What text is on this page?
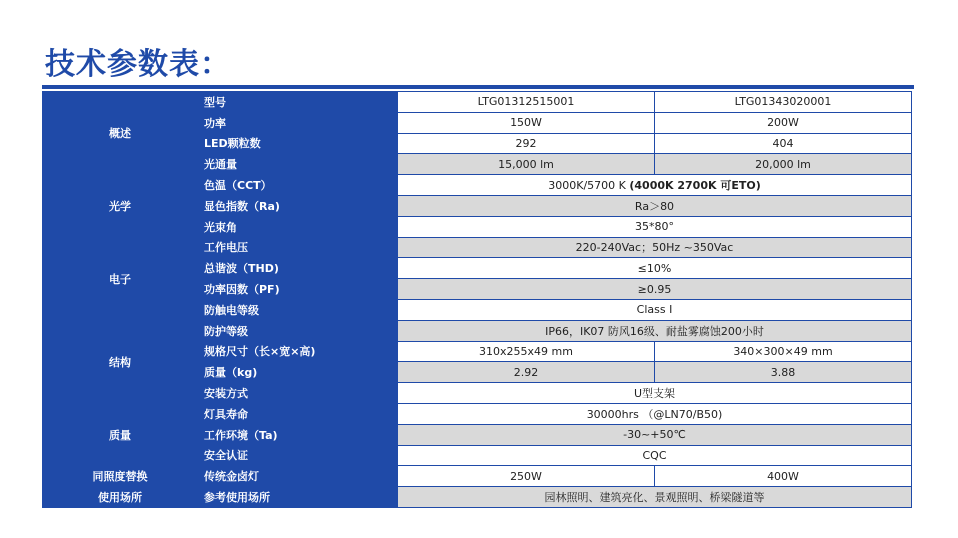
技术参数表：
概述	型号	LTG01312515001	LTG01343020001
	功率	150W	200W
	LED颗粒数	292	404
	光通量	15,000 lm	20,000 lm
光学	色温（CCT）	3000K/5700 K (4000K 2700K 可ETO)	
	显色指数（Ra)	Ra＞80	
	光束角	35*80°	
电子	工作电压	220-240Vac；50Hz ~350Vac	
	总谐波（THD)	≤10%	
	功率因数（PF)	≥0.95	
	防触电等级	Class I	
结构	防护等级	IP66，IK07 防风16级、耐盐雾腐蚀200小时	
	规格尺寸（长×宽×高)	310x255x49 mm	340×300×49 mm
	质量（kg)	2.92	3.88
	安装方式	U型支架	
质量	灯具寿命	30000hrs （@LN70/B50)	
	工作环境（Ta)	-30~+50℃	
	安全认证	CQC	
同照度替换	传统金卤灯	250W	400W
使用场所	参考使用场所	园林照明、建筑亮化、景观照明、桥梁隧道等	
